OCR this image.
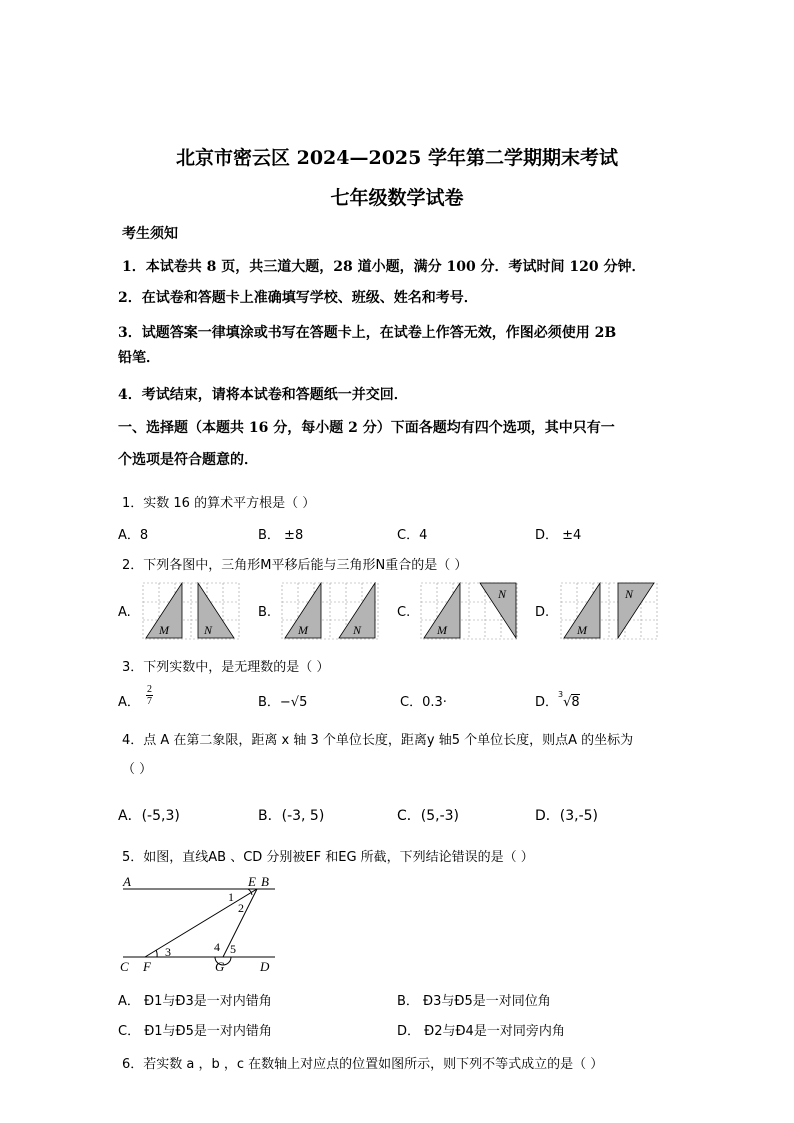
北京市密云区 2024—2025 学年第二学期期末考试
七年级数学试卷
考生须知
1．本试卷共 8 页，共三道大题，28 道小题，满分 100 分．考试时间 120 分钟．
2．在试卷和答题卡上准确填写学校、班级、姓名和考号．
3．试题答案一律填涂或书写在答题卡上，在试卷上作答无效，作图必须使用 2B
铅笔．
4．考试结束，请将本试卷和答题纸一并交回．
一、选择题（本题共 16 分，每小题 2 分）下面各题均有四个选项，其中只有一
个选项是符合题意的．
1．实数 16 的算术平方根是（ ）
A．8	B． ±8	C．4	D． ±4
2．下列各图中，三角形M平移后能与三角形N重合的是（ ）
A.	B.	C.	D.
M	N	M	N	M
N
M
N
3．下列实数中，是无理数的是（ ）
A． $\frac{2}{7}$	B．−√5	C．0.3·	D．$^3$√8
4．点 A 在第二象限，距离 x 轴 3 个单位长度，距离y 轴5 个单位长度，则点A 的坐标为
（ ）
A．(-5,3)	B．(-3, 5)	C．(5,-3)	D．(3,-5)
5．如图，直线AB 、CD 分别被EF 和EG 所截，下列结论错误的是（ ）
A	E B
C F	G	D
1
2
3	4 5
A． Ð1与Ð3是一对内错角	B． Ð3与Ð5是一对同位角
C． Ð1与Ð5是一对内错角	D． Ð2与Ð4是一对同旁内角
6．若实数 a ，b ，c 在数轴上对应点的位置如图所示，则下列不等式成立的是（ ）
